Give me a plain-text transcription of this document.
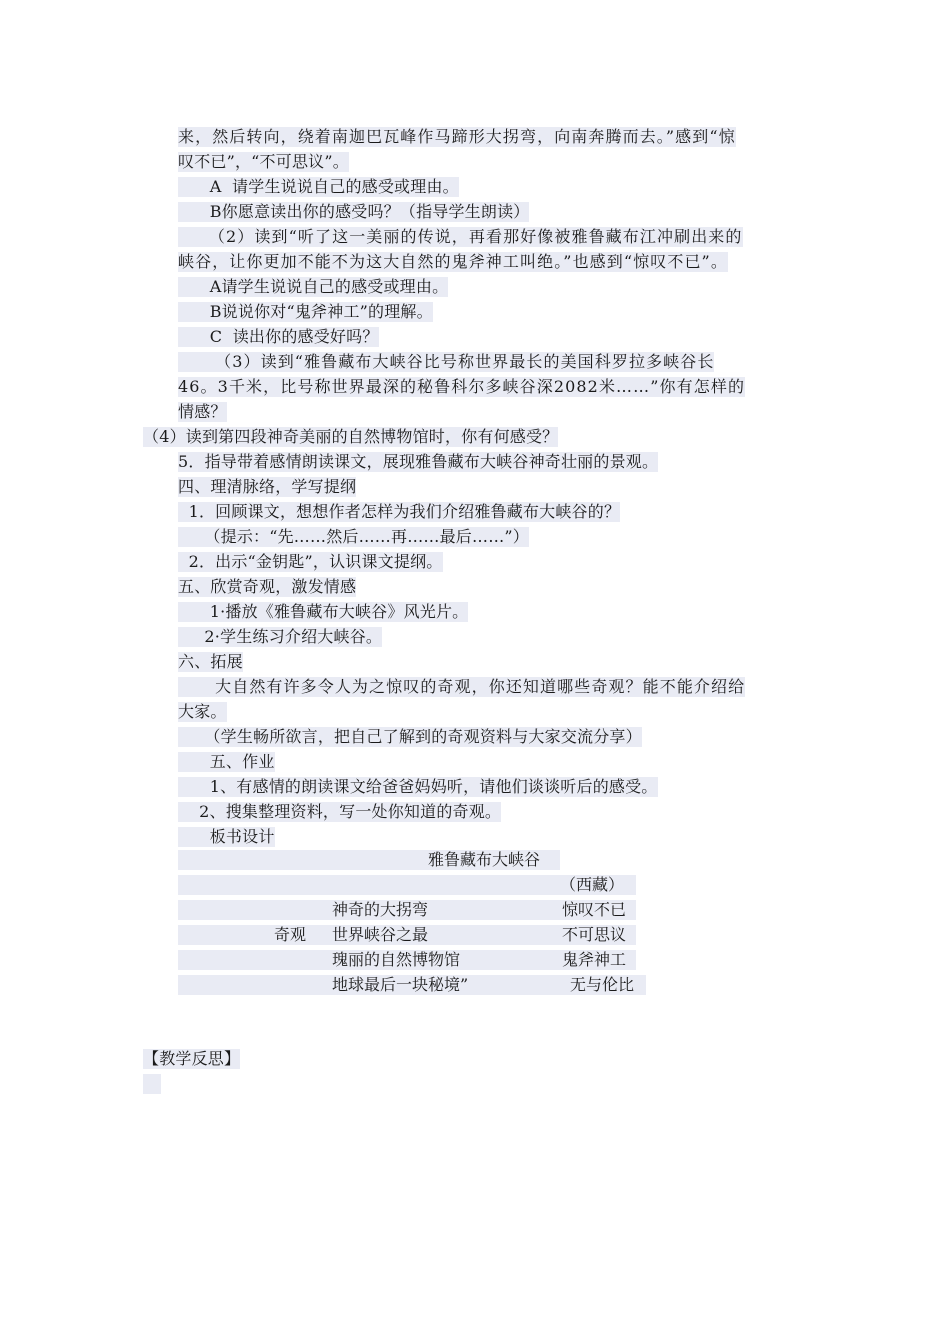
来，然后转向，绕着南迦巴瓦峰作马蹄形大拐弯，向南奔腾而去。”感到“惊
叹不已”，“不可思议”。
A  请学生说说自己的感受或理由。
B你愿意读出你的感受吗？（指导学生朗读）
（2）读到“听了这一美丽的传说，再看那好像被雅鲁藏布江冲刷出来的
峡谷，让你更加不能不为这大自然的鬼斧神工叫绝。”也感到“惊叹不已”。
A请学生说说自己的感受或理由。
B说说你对“鬼斧神工”的理解。
C  读出你的感受好吗？
（3）读到“雅鲁藏布大峡谷比号称世界最长的美国科罗拉多峡谷长
46。3千米，比号称世界最深的秘鲁科尔多峡谷深2082米……”你有怎样的
情感？
（4）读到第四段神奇美丽的自然博物馆时，你有何感受？
5．指导带着感情朗读课文，展现雅鲁藏布大峡谷神奇壮丽的景观。
四、理清脉络，学写提纲
1．回顾课文，想想作者怎样为我们介绍雅鲁藏布大峡谷的？
（提示：“先……然后……再……最后……”）
2．出示“金钥匙”，认识课文提纲。
五、欣赏奇观，激发情感
1·播放《雅鲁藏布大峡谷》风光片。
2·学生练习介绍大峡谷。
六、拓展
大自然有许多令人为之惊叹的奇观，你还知道哪些奇观？能不能介绍给
大家。
（学生畅所欲言，把自己了解到的奇观资料与大家交流分享）
五、作业
1、有感情的朗读课文给爸爸妈妈听，请他们谈谈听后的感受。
2、搜集整理资料，写一处你知道的奇观。
板书设计
雅鲁藏布大峡谷
（西藏）
神奇的大拐弯	惊叹不已
奇观 世界峡谷之最	不可思议
瑰丽的自然博物馆	鬼斧神工
地球最后一块秘境”	无与伦比
【教学反思】
